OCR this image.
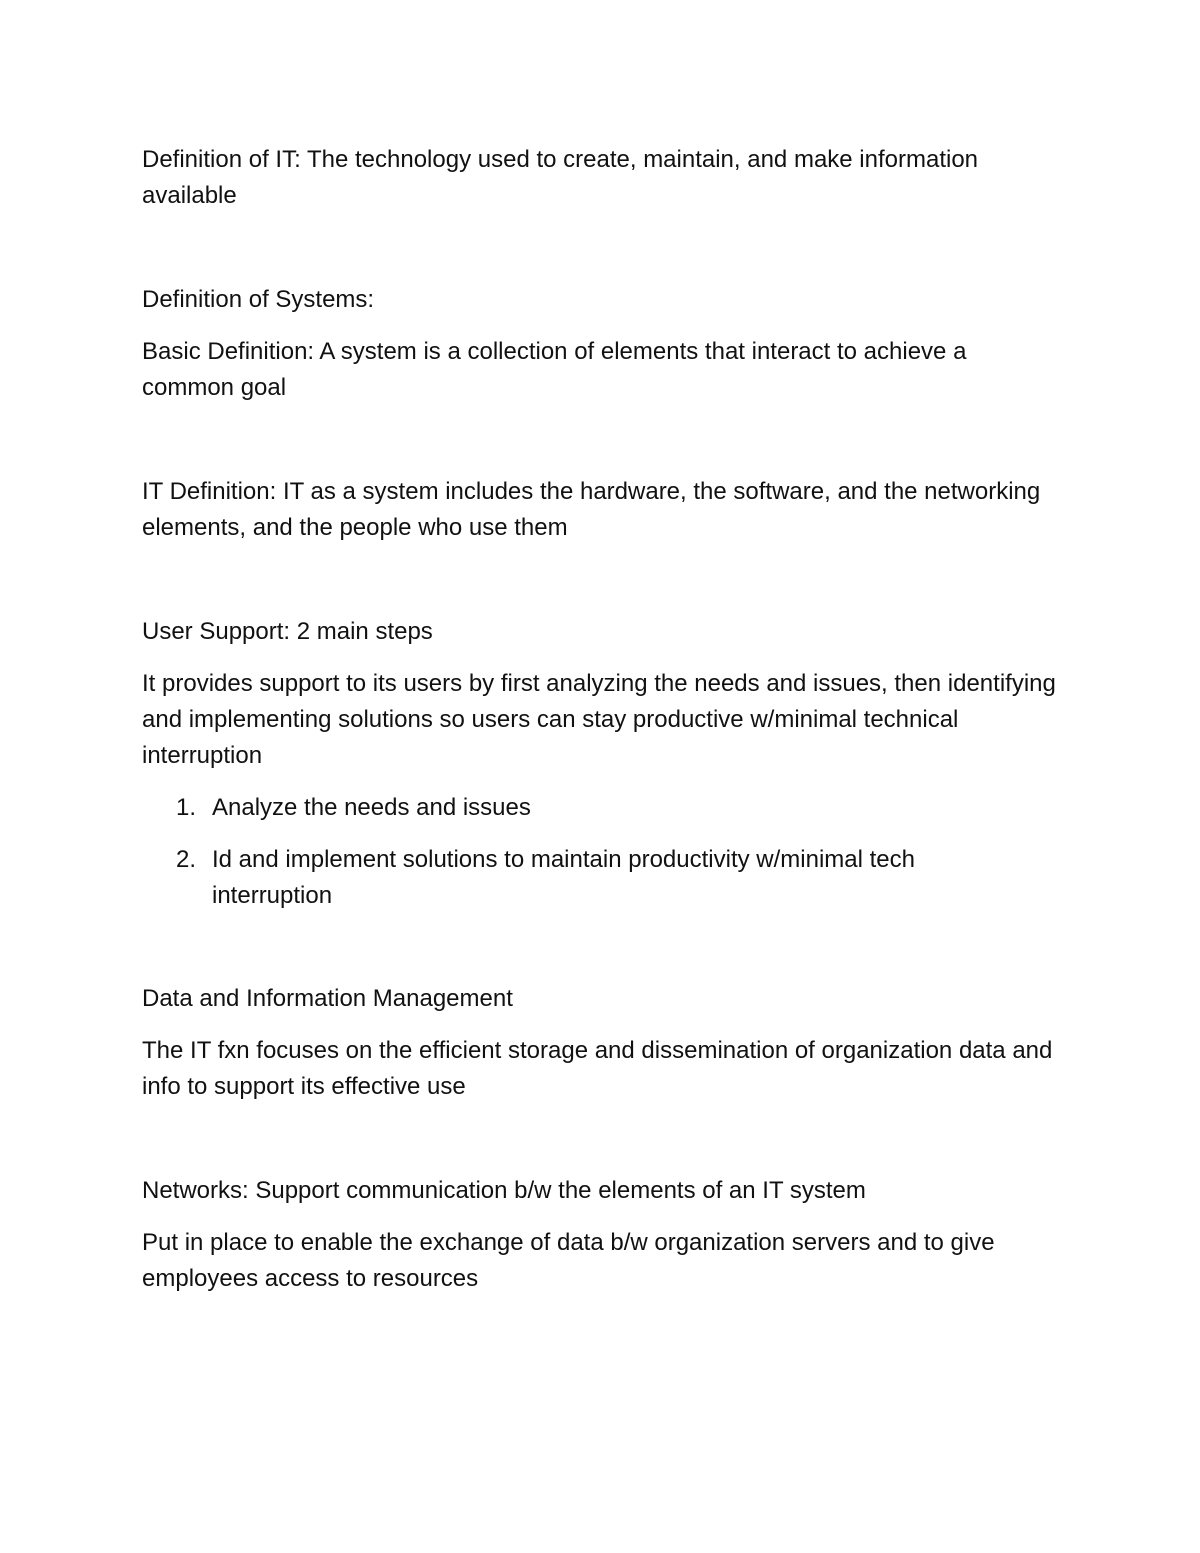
Definition of IT: The technology used to create, maintain, and make information available

Definition of Systems:

Basic Definition: A system is a collection of elements that interact to achieve a common goal

IT Definition: IT as a system includes the hardware, the software, and the networking elements, and the people who use them

User Support: 2 main steps

It provides support to its users by first analyzing the needs and issues, then identifying and implementing solutions so users can stay productive w/minimal technical interruption

1. Analyze the needs and issues
2. Id and implement solutions to maintain productivity w/minimal tech interruption

Data and Information Management

The IT fxn focuses on the efficient storage and dissemination of organization data and info to support its effective use

Networks: Support communication b/w the elements of an IT system

Put in place to enable the exchange of data b/w organization servers and to give employees access to resources
